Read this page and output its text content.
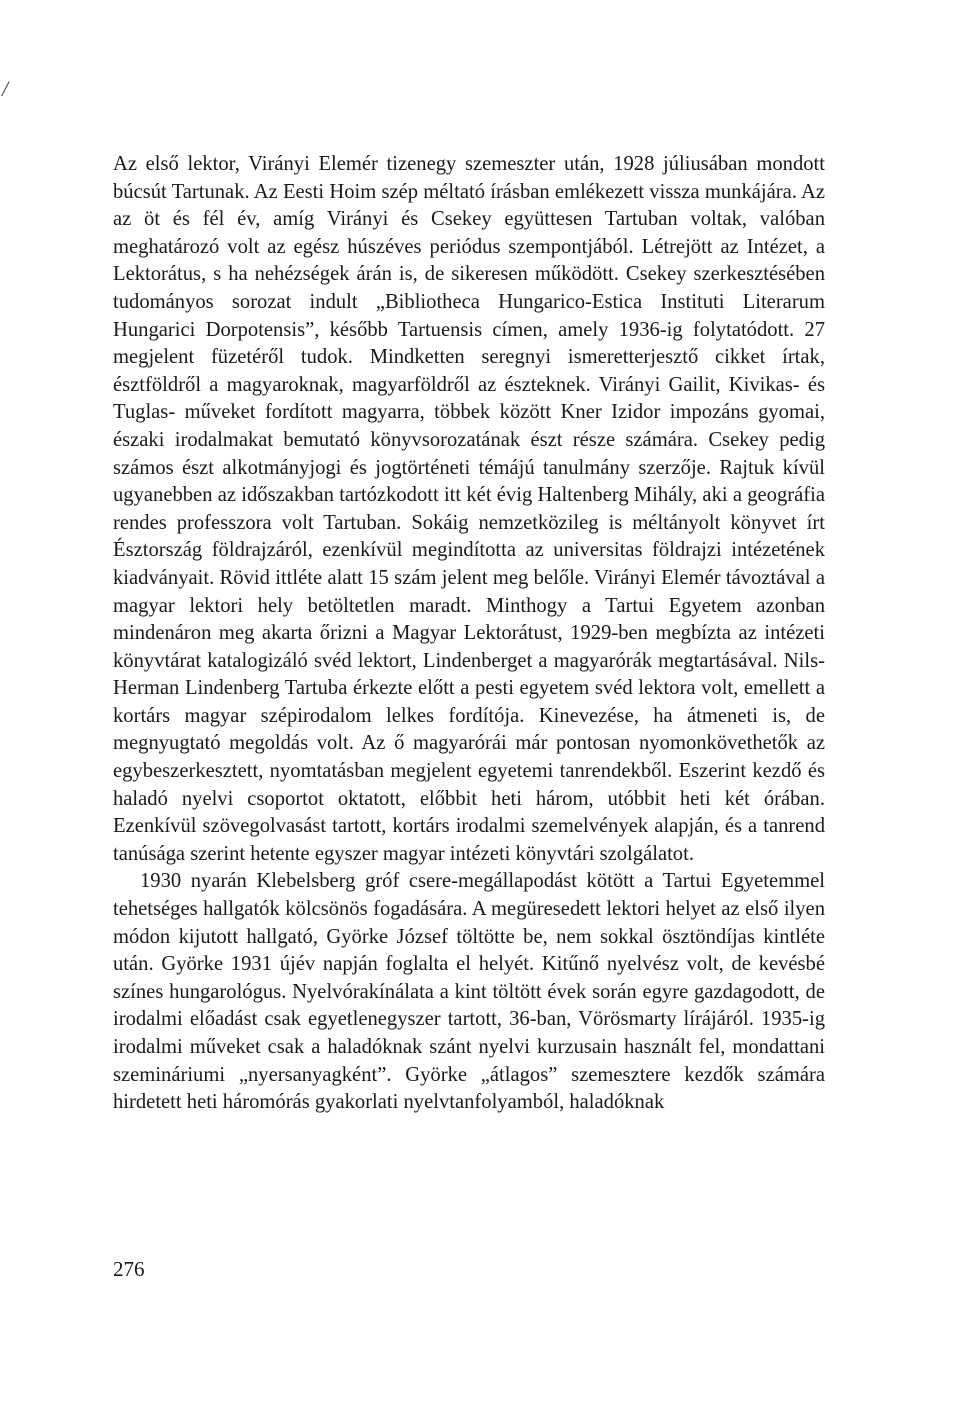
/

Az első lektor, Virányi Elemér tizenegy szemeszter után, 1928 júliusában mondott búcsút Tartunak. Az Eesti Hoim szép méltató írásban emlékezett vissza munkájára. Az az öt és fél év, amíg Virányi és Csekey együttesen Tartuban voltak, valóban meghatározó volt az egész húszéves periódus szempontjából. Létrejött az Intézet, a Lektorátus, s ha nehézségek árán is, de sikeresen működött. Csekey szerkesztésében tudományos sorozat indult „Bibliotheca Hungarico-Estica Instituti Literarum Hungarici Dorpotensis”, később Tartuensis címen, amely 1936-ig folytatódott. 27 megjelent füzetéről tudok. Mindketten seregnyi ismeretterjesztő cikket írtak, észtföldről a magyaroknak, magyarföldről az észteknek. Virányi Gailit, Kivikas- és Tuglas- műveket fordított magyarra, többek között Kner Izidor impozáns gyomai, északi irodalmakat bemutató könyvsorozatának észt része számára. Csekey pedig számos észt alkotmányjogi és jogtörténeti témájú tanulmány szerzője. Rajtuk kívül ugyanebben az időszakban tartózkodott itt két évig Haltenberg Mihály, aki a geográfia rendes professzora volt Tartuban. Sokáig nemzetközileg is méltányolt könyvet írt Észtország földrajzáról, ezenkívül megindította az universitas földrajzi intézetének kiadványait. Rövid ittléte alatt 15 szám jelent meg belőle. Virányi Elemér távoztával a magyar lektori hely betöltetlen maradt. Minthogy a Tartui Egyetem azonban mindenáron meg akarta őrizni a Magyar Lektorátust, 1929-ben megbízta az intézeti könyvtárat katalogizáló svéd lektort, Lindenberget a magyarórák megtartásával. Nils-Herman Lindenberg Tartuba érkezte előtt a pesti egyetem svéd lektora volt, emellett a kortárs magyar szépirodalom lelkes fordítója. Kinevezése, ha átmeneti is, de megnyugtató megoldás volt. Az ő magyarórái már pontosan nyomonkövethetők az egybeszerkesztett, nyomtatásban megjelent egyetemi tanrendekből. Eszerint kezdő és haladó nyelvi csoportot oktatott, előbbit heti három, utóbbit heti két órában. Ezenkívül szövegolvasást tartott, kortárs irodalmi szemelvények alapján, és a tanrend tanúsága szerint hetente egyszer magyar intézeti könyvtári szolgálatot.

1930 nyarán Klebelsberg gróf csere-megállapodást kötött a Tartui Egyetemmel tehetséges hallgatók kölcsönös fogadására. A megüresedett lektori helyet az első ilyen módon kijutott hallgató, Györke József töltötte be, nem sokkal ösztöndíjas kintléte után. Györke 1931 újév napján foglalta el helyét. Kitűnő nyelvész volt, de kevésbé színes hungarológus. Nyelvórakínálata a kint töltött évek során egyre gazdagodott, de irodalmi előadást csak egyetlenegyszer tartott, 36-ban, Vörösmarty lírájáról. 1935-ig irodalmi műveket csak a haladóknak szánt nyelvi kurzusain használt fel, mondattani szemináriumi „nyersanyagként”. Györke „átlagos” szemesztere kezdők számára hirdetett heti háromórás gyakorlati nyelvtanfolyamból, haladóknak

276
